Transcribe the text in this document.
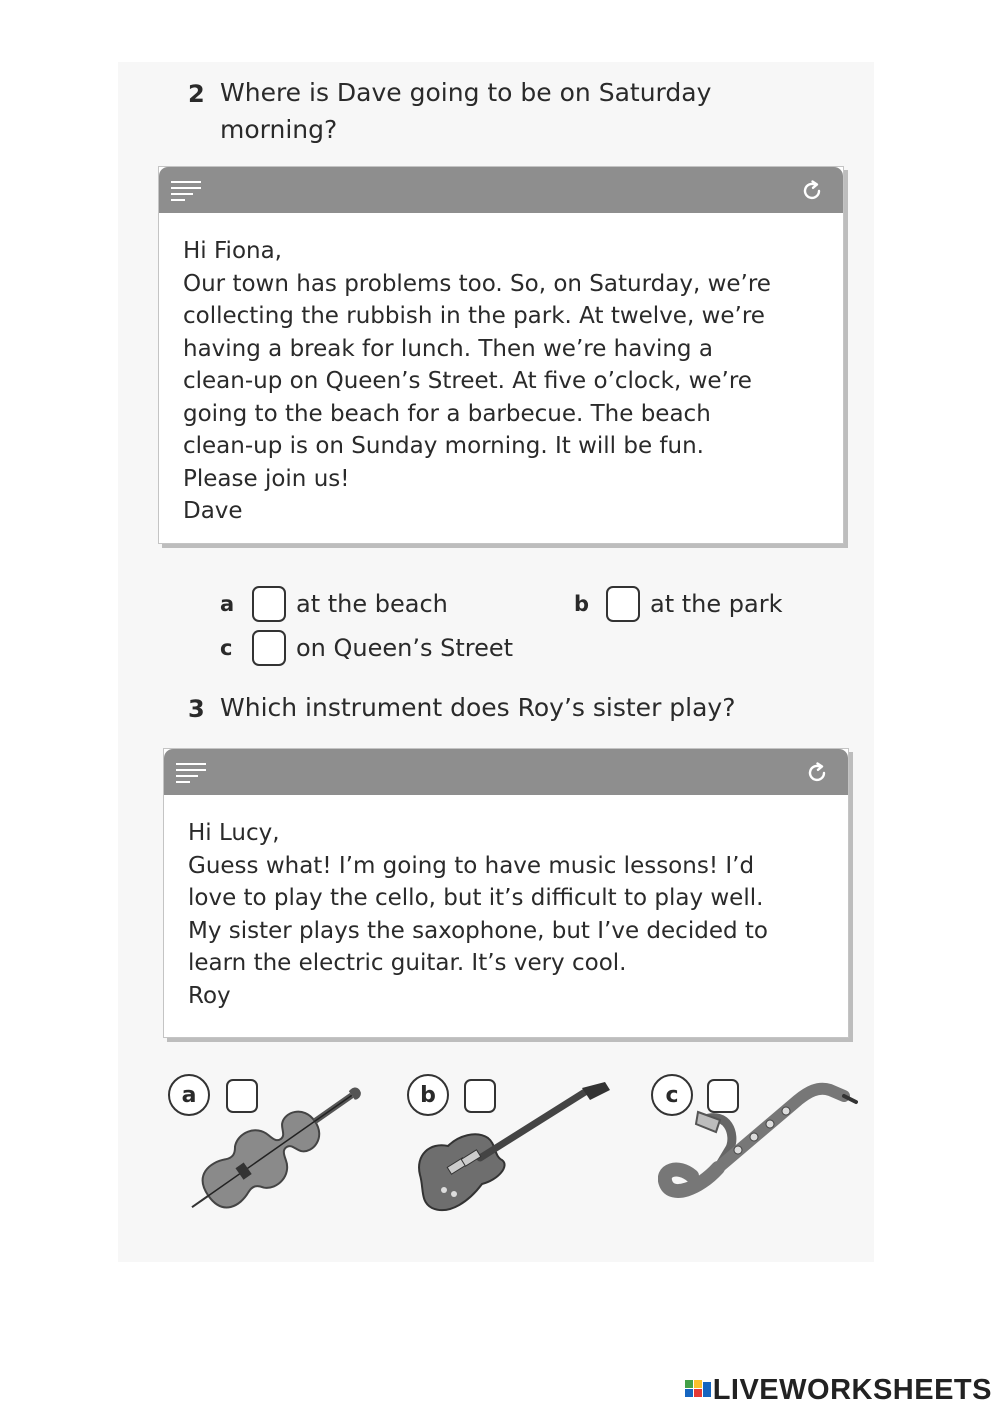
2 Where is Dave going to be on Saturday
morning?
Hi Fiona,
Our town has problems too. So, on Saturday, we’re
collecting the rubbish in the park. At twelve, we’re
having a break for lunch. Then we’re having a
clean-up on Queen’s Street. At five o’clock, we’re
going to the beach for a barbecue. The beach
clean-up is on Sunday morning. It will be fun.
Please join us!
Dave
a	at the beach	b	at the park
c	on Queen’s Street
3 Which instrument does Roy’s sister play?
Hi Lucy,
Guess what! I’m going to have music lessons! I’d
love to play the cello, but it’s difficult to play well.
My sister plays the saxophone, but I’ve decided to
learn the electric guitar. It’s very cool.
Roy
a	b	c
LIVEWORKSHEETS
